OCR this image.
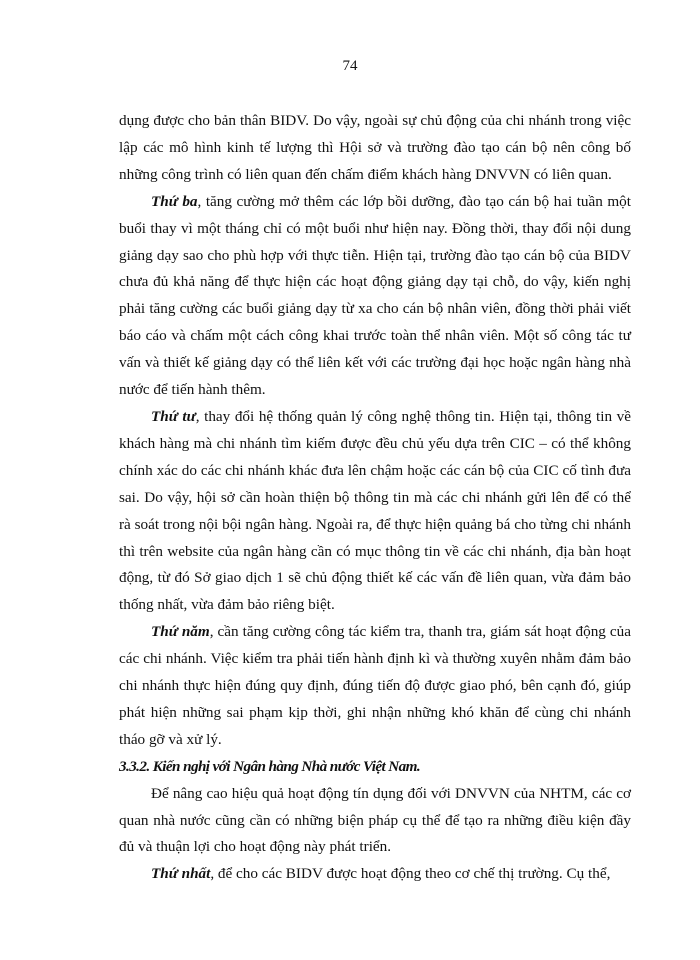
74

dụng được cho bản thân BIDV. Do vậy, ngoài sự chủ động của chi nhánh trong việc lập các mô hình kinh tế lượng thì Hội sở và trường đào tạo cán bộ nên công bố những công trình có liên quan đến chấm điểm khách hàng DNVVN có liên quan.

Thứ ba, tăng cường mở thêm các lớp bồi dưỡng, đào tạo cán bộ hai tuần một buổi thay vì một tháng chỉ có một buổi như hiện nay. Đồng thời, thay đổi nội dung giảng dạy sao cho phù hợp với thực tiễn. Hiện tại, trường đào tạo cán bộ của BIDV chưa đủ khả năng để thực hiện các hoạt động giảng dạy tại chỗ, do vậy, kiến nghị phải tăng cường các buổi giảng dạy từ xa cho cán bộ nhân viên, đồng thời phải viết báo cáo và chấm một cách công khai trước toàn thể nhân viên. Một số công tác tư vấn và thiết kế giảng dạy có thể liên kết với các trường đại học hoặc ngân hàng nhà nước để tiến hành thêm.

Thứ tư, thay đổi hệ thống quản lý công nghệ thông tin. Hiện tại, thông tin về khách hàng mà chi nhánh tìm kiếm được đều chủ yếu dựa trên CIC – có thể không chính xác do các chi nhánh khác đưa lên chậm hoặc các cán bộ của CIC cố tình đưa sai. Do vậy, hội sở cần hoàn thiện bộ thông tin mà các chi nhánh gửi lên để có thể rà soát trong nội bội ngân hàng. Ngoài ra, để thực hiện quảng bá cho từng chi nhánh thì trên website của ngân hàng cần có mục thông tin về các chi nhánh, địa bàn hoạt động, từ đó Sở giao dịch 1 sẽ chủ động thiết kế các vấn đề liên quan, vừa đảm bảo thống nhất, vừa đảm bảo riêng biệt.

Thứ năm, cần tăng cường công tác kiểm tra, thanh tra, giám sát hoạt động của các chi nhánh. Việc kiểm tra phải tiến hành định kì và thường xuyên nhằm đảm bảo chi nhánh thực hiện đúng quy định, đúng tiến độ được giao phó, bên cạnh đó, giúp phát hiện những sai phạm kịp thời, ghi nhận những khó khăn để cùng chi nhánh tháo gỡ và xử lý.

3.3.2. Kiến nghị với Ngân hàng Nhà nước Việt Nam.

Để nâng cao hiệu quả hoạt động tín dụng đối với DNVVN của NHTM, các cơ quan nhà nước cũng cần có những biện pháp cụ thể để tạo ra những điều kiện đầy đủ và thuận lợi cho hoạt động này phát triển.

Thứ nhất, để cho các BIDV được hoạt động theo cơ chế thị trường. Cụ thể,
